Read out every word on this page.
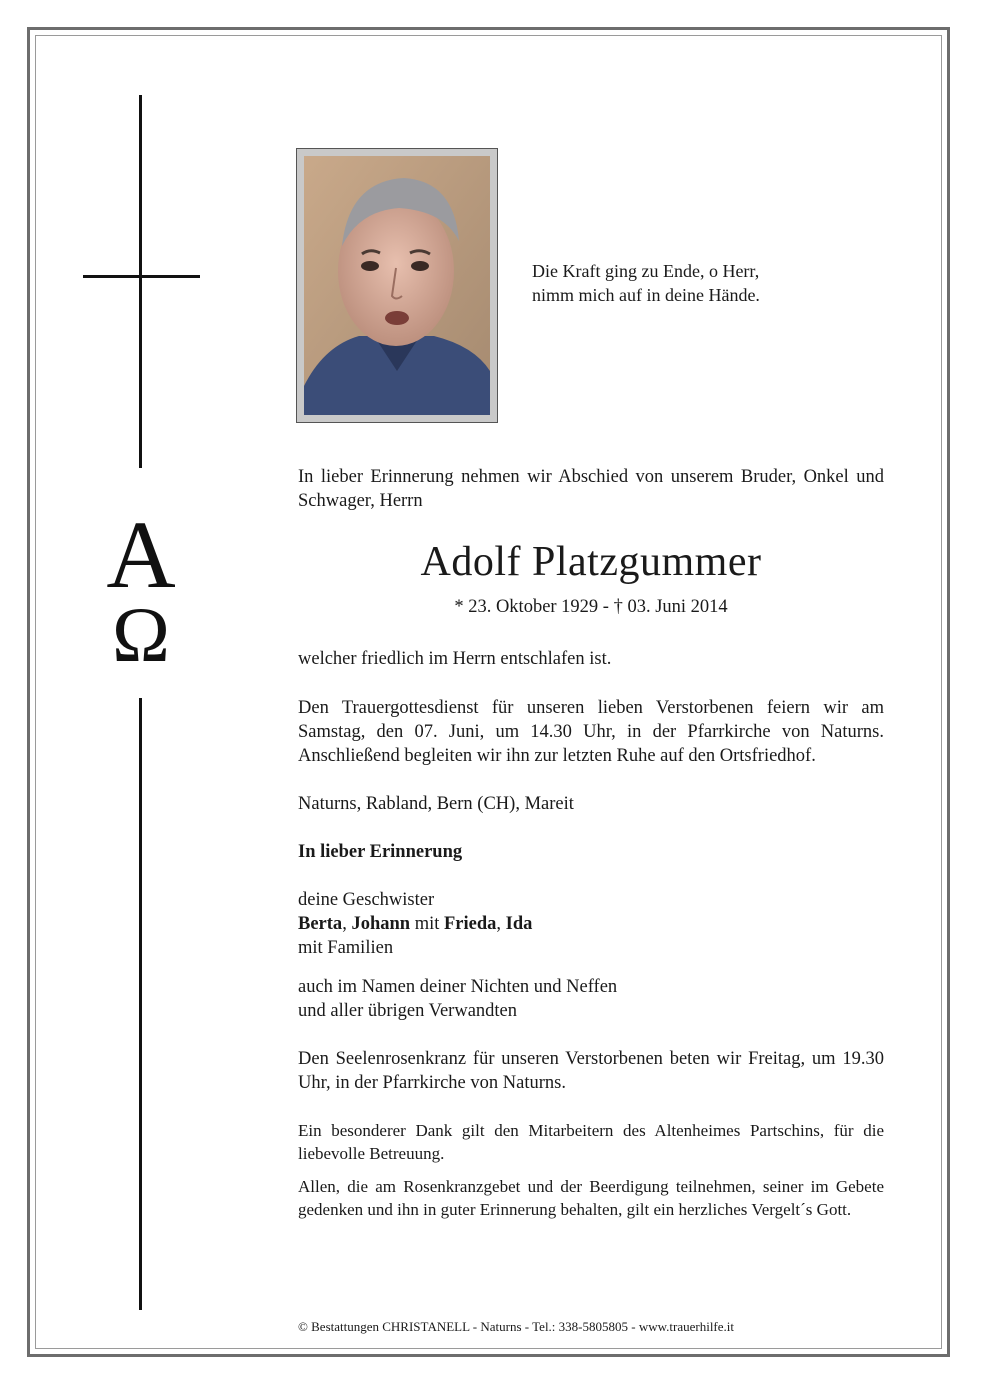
A
Ω
Die Kraft ging zu Ende, o Herr,
nimm mich auf in deine Hände.
In lieber Erinnerung nehmen wir Abschied von unserem Bruder, Onkel und Schwager, Herrn
Adolf Platzgummer
* 23. Oktober 1929 - † 03. Juni 2014
welcher friedlich im Herrn entschlafen ist.
Den Trauergottesdienst für unseren lieben Verstorbenen feiern wir am Samstag, den 07. Juni, um 14.30 Uhr, in der Pfarrkirche von Naturns. Anschließend begleiten wir ihn zur letzten Ruhe auf den Ortsfriedhof.
Naturns, Rabland, Bern (CH), Mareit
In lieber Erinnerung
deine Geschwister
Berta, Johann mit Frieda, Ida
mit Familien
auch im Namen deiner Nichten und Neffen
und aller übrigen Verwandten
Den Seelenrosenkranz für unseren Verstorbenen beten wir Freitag, um 19.30 Uhr, in der Pfarrkirche von Naturns.
Ein besonderer Dank gilt den Mitarbeitern des Altenheimes Partschins, für die liebevolle Betreuung.
Allen, die am Rosenkranzgebet und der Beerdigung teilnehmen, seiner im Gebete gedenken und ihn in guter Erinnerung behalten, gilt ein herzliches Vergelt´s Gott.
© Bestattungen CHRISTANELL - Naturns - Tel.: 338-5805805 - www.trauerhilfe.it
